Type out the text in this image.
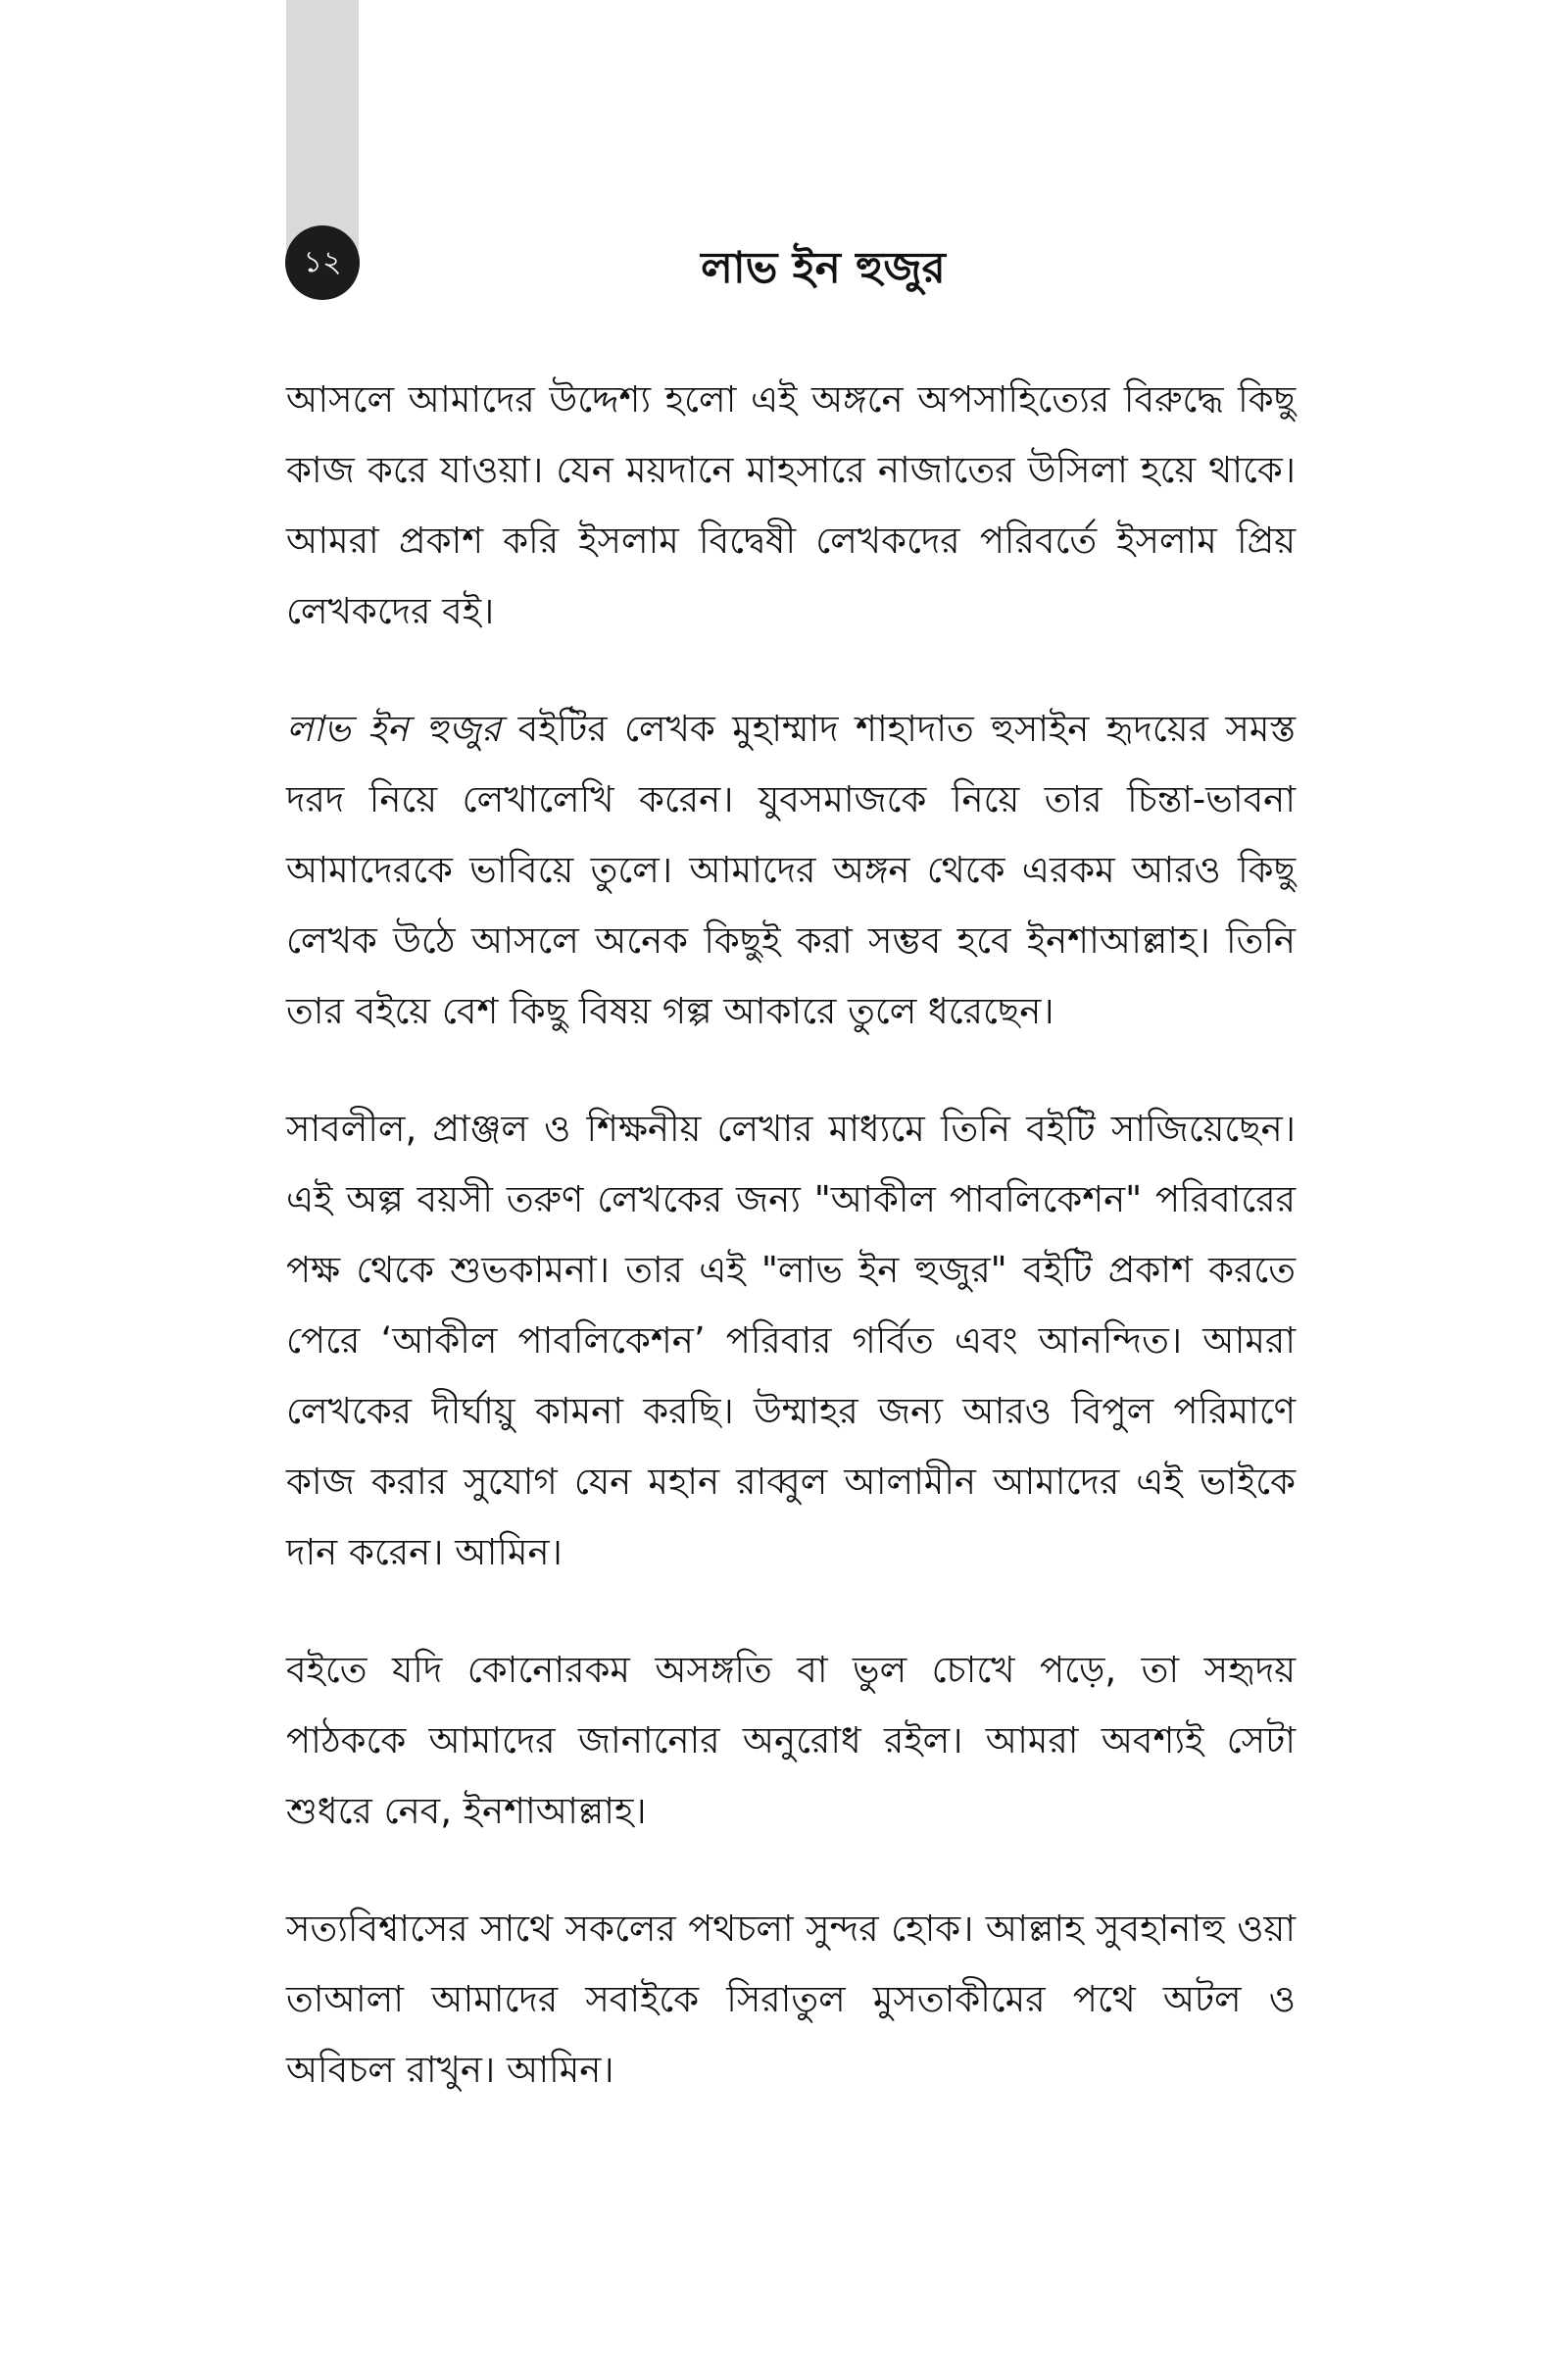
১২	লাভ ইন হুজুর

আসলে আমাদের উদ্দেশ্য হলো এই অঙ্গনে অপসাহিত্যের বিরুদ্ধে কিছু কাজ করে যাওয়া। যেন ময়দানে মাহসারে নাজাতের উসিলা হয়ে থাকে। আমরা প্রকাশ করি ইসলাম বিদ্বেষী লেখকদের পরিবর্তে ইসলাম প্রিয় লেখকদের বই।

লাভ ইন হুজুর বইটির লেখক মুহাম্মাদ শাহাদাত হুসাইন হৃদয়ের সমস্ত দরদ নিয়ে লেখালেখি করেন। যুবসমাজকে নিয়ে তার চিন্তা-ভাবনা আমাদেরকে ভাবিয়ে তুলে। আমাদের অঙ্গন থেকে এরকম আরও কিছু লেখক উঠে আসলে অনেক কিছুই করা সম্ভব হবে ইনশাআল্লাহ। তিনি তার বইয়ে বেশ কিছু বিষয় গল্প আকারে তুলে ধরেছেন।

সাবলীল, প্রাঞ্জল ও শিক্ষনীয় লেখার মাধ্যমে তিনি বইটি সাজিয়েছেন। এই অল্প বয়সী তরুণ লেখকের জন্য "আকীল পাবলিকেশন" পরিবারের পক্ষ থেকে শুভকামনা। তার এই "লাভ ইন হুজুর" বইটি প্রকাশ করতে পেরে ‘আকীল পাবলিকেশন’ পরিবার গর্বিত এবং আনন্দিত। আমরা লেখকের দীর্ঘায়ু কামনা করছি। উম্মাহর জন্য আরও বিপুল পরিমাণে কাজ করার সুযোগ যেন মহান রাব্বুল আলামীন আমাদের এই ভাইকে দান করেন। আমিন।

বইতে যদি কোনোরকম অসঙ্গতি বা ভুল চোখে পড়ে, তা সহৃদয় পাঠককে আমাদের জানানোর অনুরোধ রইল। আমরা অবশ্যই সেটা শুধরে নেব, ইনশাআল্লাহ।

সত্যবিশ্বাসের সাথে সকলের পথচলা সুন্দর হোক। আল্লাহ সুবহানাহু ওয়া তাআলা আমাদের সবাইকে সিরাতুল মুসতাকীমের পথে অটল ও অবিচল রাখুন। আমিন।
